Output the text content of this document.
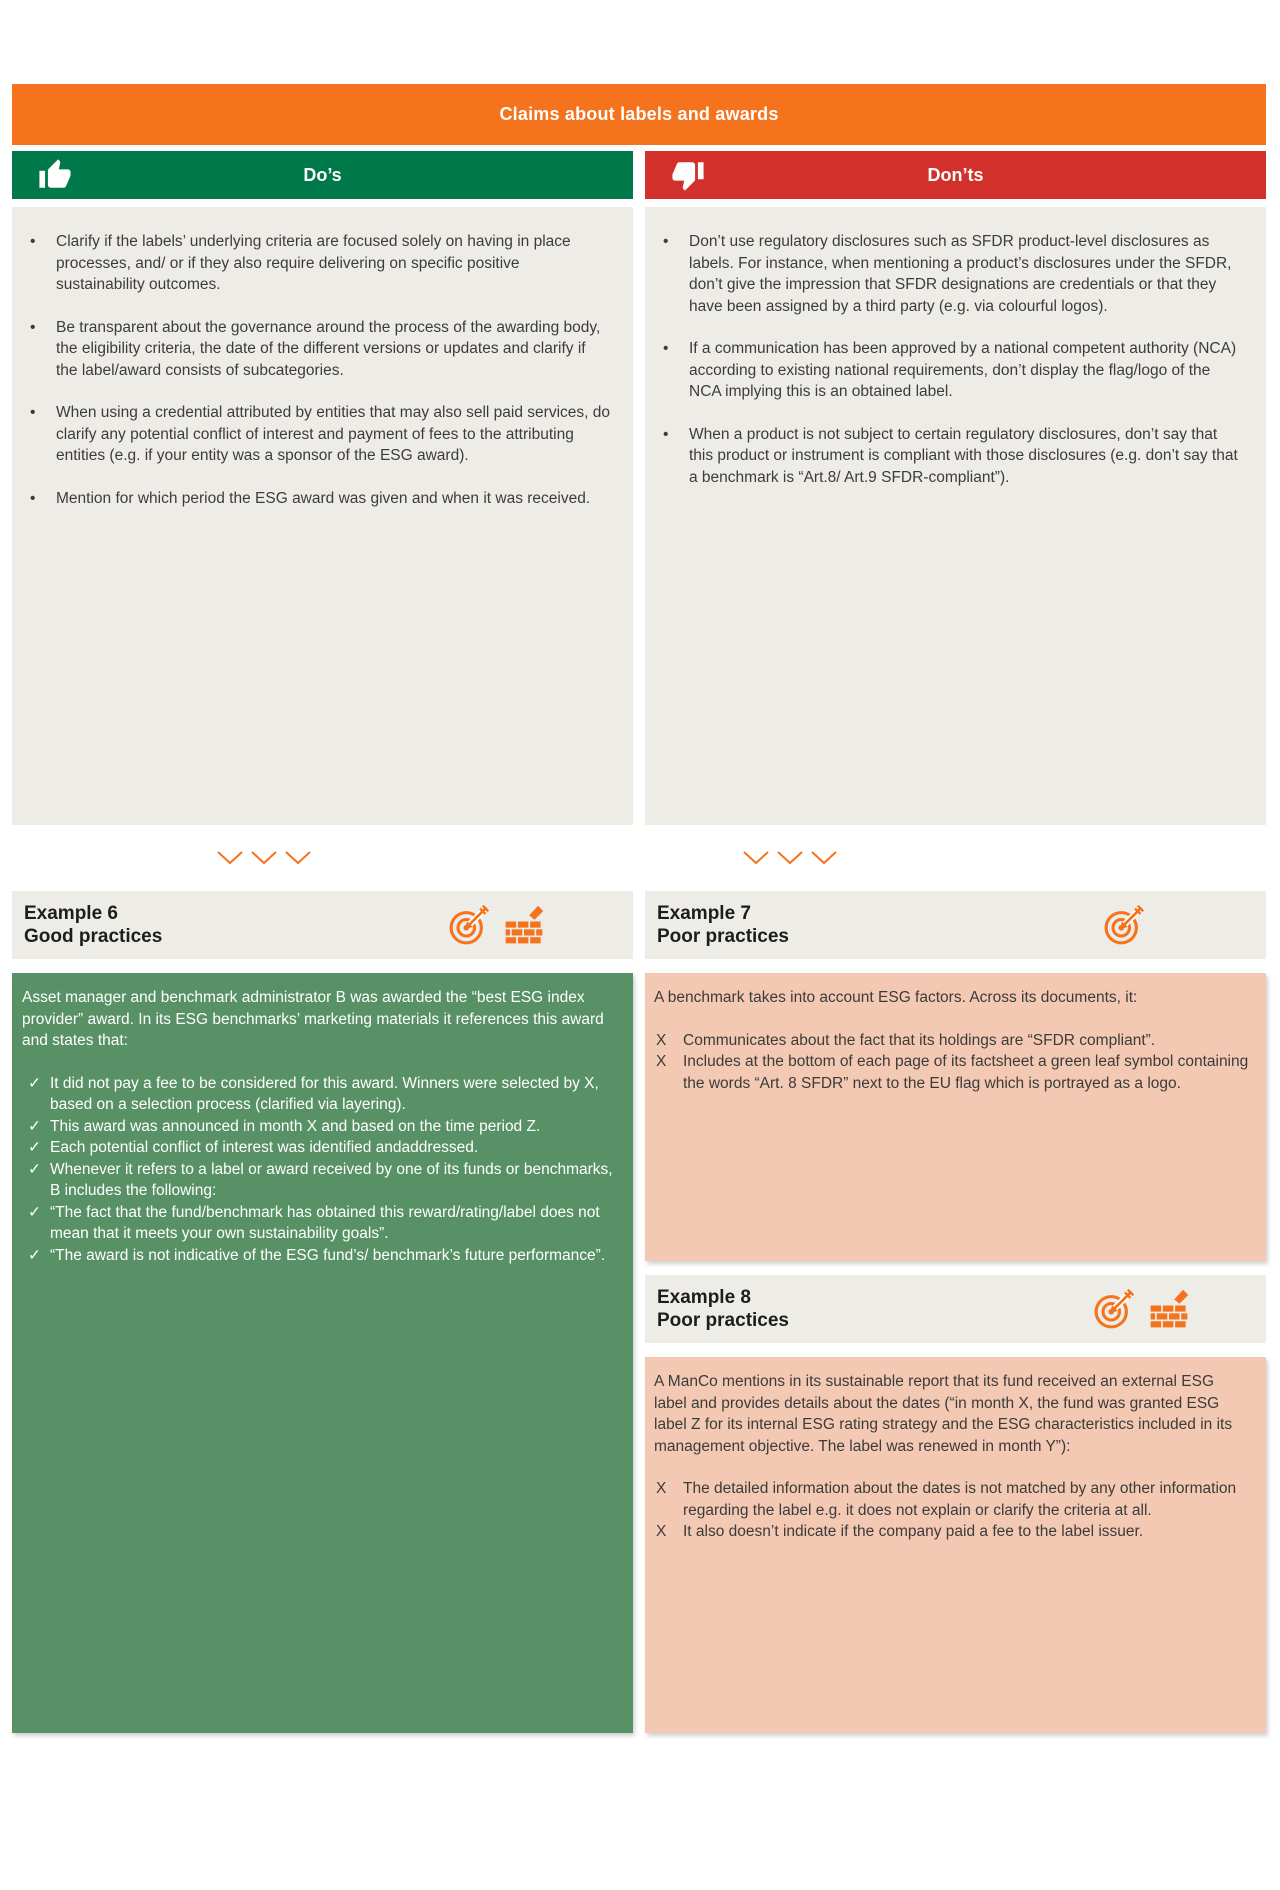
Claims about labels and awards
Do’s	Don’ts
•	Clarify if the labels’ underlying criteria are focused solely on having in place processes, and/ or if they also require delivering on specific positive sustainability outcomes.
•	Be transparent about the governance around the process of the awarding body, the eligibility criteria, the date of the different versions or updates and clarify if the label/award consists of subcategories.
•	When using a credential attributed by entities that may also sell paid services, do clarify any potential conflict of interest and payment of fees to the attributing entities (e.g. if your entity was a sponsor of the ESG award).
•	Mention for which period the ESG award was given and when it was received.
•	Don’t use regulatory disclosures such as SFDR product-level disclosures as labels. For instance, when mentioning a product’s disclosures under the SFDR, don’t give the impression that SFDR designations are credentials or that they have been assigned by a third party (e.g. via colourful logos).
•	If a communication has been approved by a national competent authority (NCA) according to existing national requirements, don’t display the flag/logo of the NCA implying this is an obtained label.
•	When a product is not subject to certain regulatory disclosures, don’t say that this product or instrument is compliant with those disclosures (e.g. don’t say that a benchmark is “Art.8/ Art.9 SFDR-compliant”).
Example 6
Good practices

Asset manager and benchmark administrator B was awarded the “best ESG index provider” award. In its ESG benchmarks’ marketing materials it references this award and states that:

✓ It did not pay a fee to be considered for this award. Winners were selected by X, based on a selection process (clarified via layering).
✓ This award was announced in month X and based on the time period Z.
✓ Each potential conflict of interest was identified andaddressed.
✓ Whenever it refers to a label or award received by one of its funds or benchmarks, B includes the following:
✓ “The fact that the fund/benchmark has obtained this reward/rating/label does not mean that it meets your own sustainability goals”.
✓ “The award is not indicative of the ESG fund’s/ benchmark’s future performance”.
Example 7
Poor practices

A benchmark takes into account ESG factors. Across its documents, it:

X	Communicates about the fact that its holdings are “SFDR compliant”.
X	Includes at the bottom of each page of its factsheet a green leaf symbol containing the words “Art. 8 SFDR” next to the EU flag which is portrayed as a logo.
Example 8
Poor practices

A ManCo mentions in its sustainable report that its fund received an external ESG label and provides details about the dates (“in month X, the fund was granted ESG label Z for its internal ESG rating strategy and the ESG characteristics included in its management objective. The label was renewed in month Y”):

X	The detailed information about the dates is not matched by any other information regarding the label e.g. it does not explain or clarify the criteria at all.
X	It also doesn’t indicate if the company paid a fee to the label issuer.
